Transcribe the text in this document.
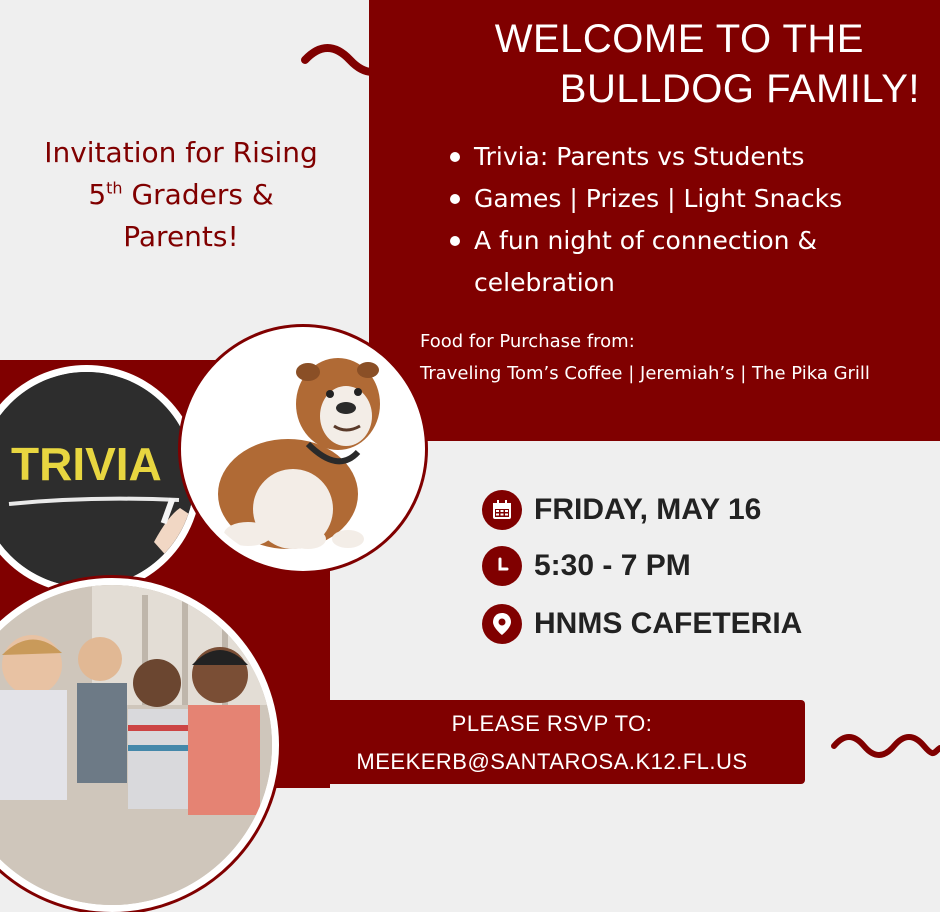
WELCOME TO THE
BULLDOG FAMILY!
Invitation for Rising
5th Graders &
Parents!
Trivia: Parents vs Students
Games | Prizes | Light Snacks
A fun night of connection & celebration
Food for Purchase from:
Traveling Tom’s Coffee | Jeremiah’s | The Pika Grill
TRIVIA
FRIDAY, MAY 16
5:30 - 7 PM
HNMS CAFETERIA
PLEASE RSVP TO:
MEEKERB@SANTAROSA.K12.FL.US
